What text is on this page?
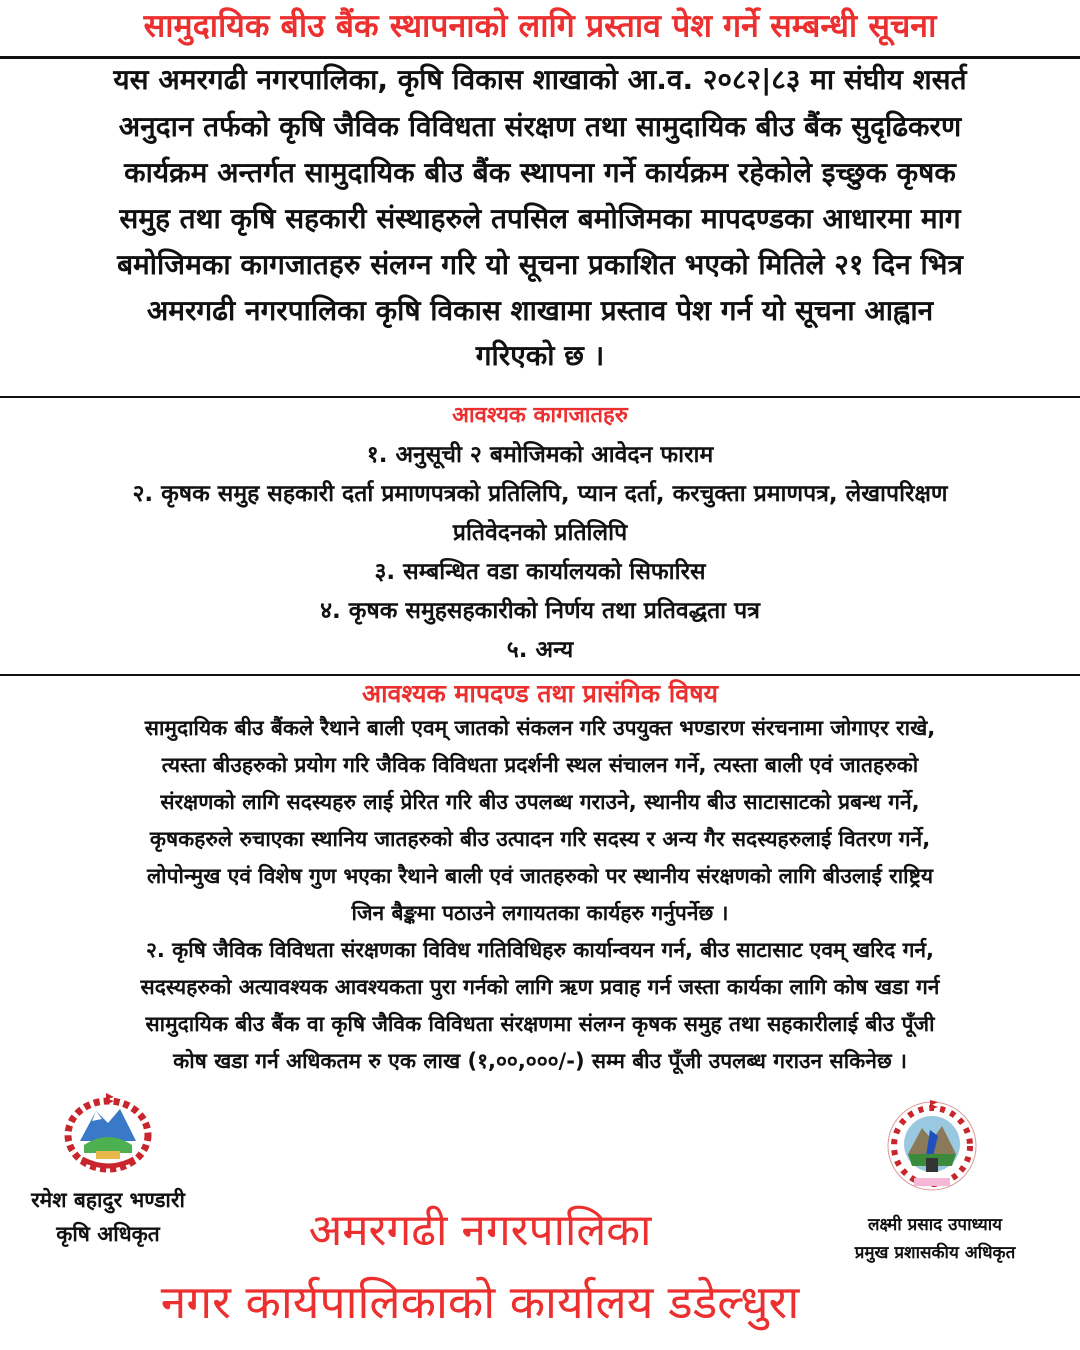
सामुदायिक बीउ बैंक स्थापनाको लागि प्रस्ताव पेश गर्ने सम्बन्धी सूचना
यस अमरगढी नगरपालिका, कृषि विकास शाखाको आ.व. २०८२|८३ मा संघीय शसर्त
अनुदान तर्फको कृषि जैविक विविधता संरक्षण तथा सामुदायिक बीउ बैंक सुदृढिकरण
कार्यक्रम अन्तर्गत सामुदायिक बीउ बैंक स्थापना गर्ने कार्यक्रम रहेकोले इच्छुक कृषक
समुह तथा कृषि सहकारी संस्थाहरुले तपसिल बमोजिमका मापदण्डका आधारमा माग
बमोजिमका कागजातहरु संलग्न गरि यो सूचना प्रकाशित भएको मितिले २१ दिन भित्र
अमरगढी नगरपालिका कृषि विकास शाखामा प्रस्ताव पेश गर्न यो सूचना आह्वान
गरिएको छ ।
आवश्यक कागजातहरु
१. अनुसूची २ बमोजिमको आवेदन फाराम
२. कृषक समुह सहकारी दर्ता प्रमाणपत्रको प्रतिलिपि, प्यान दर्ता, करचुक्ता प्रमाणपत्र, लेखापरिक्षण
प्रतिवेदनको प्रतिलिपि
३. सम्बन्धित वडा कार्यालयको सिफारिस
४. कृषक समुहसहकारीको निर्णय तथा प्रतिवद्धता पत्र
५. अन्य
आवश्यक मापदण्ड तथा प्रासंगिक विषय
सामुदायिक बीउ बैंकले रैथाने बाली एवम् जातको संकलन गरि उपयुक्त भण्डारण संरचनामा जोगाएर राखे,
त्यस्ता बीउहरुको प्रयोग गरि जैविक विविधता प्रदर्शनी स्थल संचालन गर्ने, त्यस्ता बाली एवं जातहरुको
संरक्षणको लागि सदस्यहरु लाई प्रेरित गरि बीउ उपलब्ध गराउने, स्थानीय बीउ साटासाटको प्रबन्ध गर्ने,
कृषकहरुले रुचाएका स्थानिय जातहरुको बीउ उत्पादन गरि सदस्य र अन्य गैर सदस्यहरुलाई वितरण गर्ने,
लोपोन्मुख एवं विशेष गुण भएका रैथाने बाली एवं जातहरुको पर स्थानीय संरक्षणको लागि बीउलाई राष्ट्रिय
जिन बैङ्कमा पठाउने लगायतका कार्यहरु गर्नुपर्नेछ ।
२. कृषि जैविक विविधता संरक्षणका विविध गतिविधिहरु कार्यान्वयन गर्न, बीउ साटासाट एवम् खरिद गर्न,
सदस्यहरुको अत्यावश्यक आवश्यकता पुरा गर्नको लागि ऋण प्रवाह गर्न जस्ता कार्यका लागि कोष खडा गर्न
सामुदायिक बीउ बैंक वा कृषि जैविक विविधता संरक्षणमा संलग्न कृषक समुह तथा सहकारीलाई बीउ पूँजी
कोष खडा गर्न अधिकतम रु एक लाख (१,००,०००/-) सम्म बीउ पूँजी उपलब्ध गराउन सकिनेछ ।
रमेश बहादुर भण्डारी
कृषि अधिकृत	लक्ष्मी प्रसाद उपाध्याय
प्रमुख प्रशासकीय अधिकृत
अमरगढी नगरपालिका
नगर कार्यपालिकाको कार्यालय डडेल्धुरा
